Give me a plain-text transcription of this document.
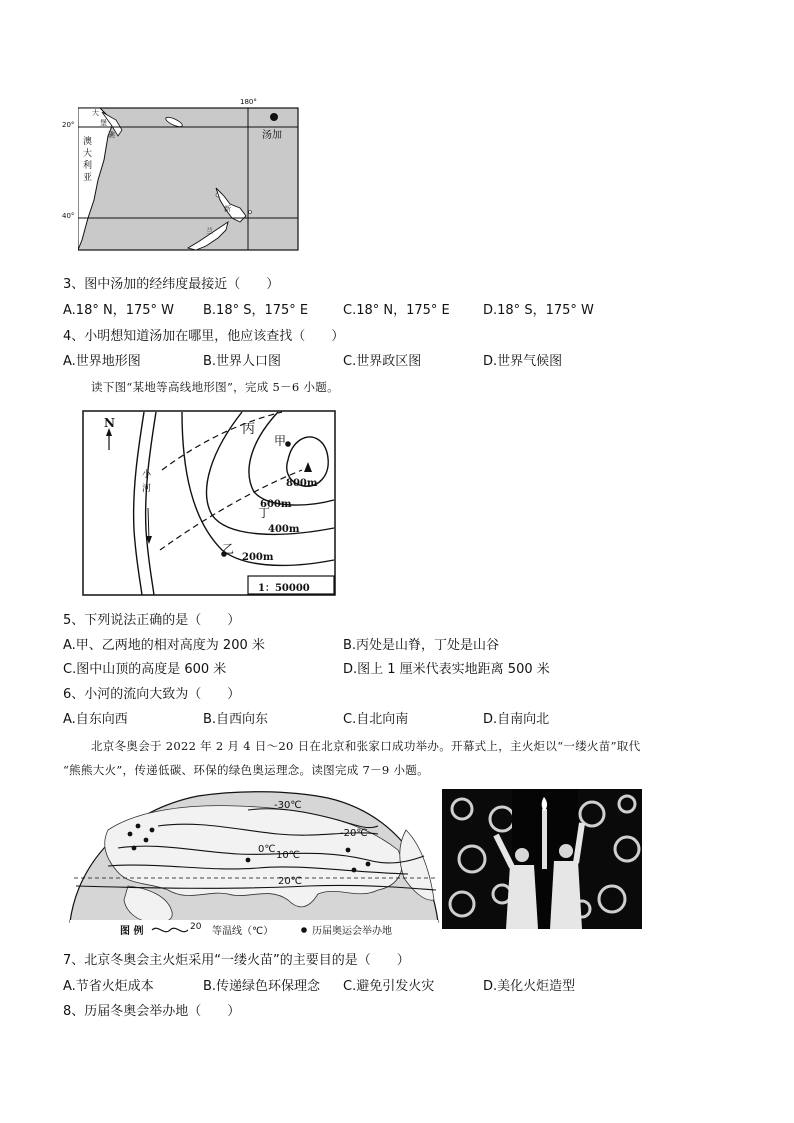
180°
20°
40°
汤加
澳
大
利
亚
大
堡
礁
新
兰
3、图中汤加的经纬度最接近（　　）
A.18° N，175° W B.18° S，175° E	C.18° N，175° E	D.18° S，175° W
4、小明想知道汤加在哪里，他应该查找（　　）
A.世界地形图	B.世界人口图	C.世界政区图	D.世界气候图
读下图“某地等高线地形图”，完成 5－6 小题。
N
小
河
丙
甲
丁
乙
800m
600m
400m
200m
1：50000
5、下列说法正确的是（　　）
A.甲、乙两地的相对高度为 200 米	B.丙处是山脊，丁处是山谷
C.图中山顶的高度是 600 米	D.图上 1 厘米代表实地距离 500 米
6、小河的流向大致为（　　）
A.自东向西	B.自西向东	C.自北向南	D.自南向北
北京冬奥会于 2022 年 2 月 4 日～20 日在北京和张家口成功举办。开幕式上，主火炬以“一缕火苗”取代
“熊熊大火”，传递低碳、环保的绿色奥运理念。读图完成 7－9 小题。
-30℃
-20℃
0℃
10℃
20℃
图 例	20 等温线（℃）	历届奥运会举办地
7、北京冬奥会主火炬采用“一缕火苗”的主要目的是（　　）
A.节省火炬成本	B.传递绿色环保理念 C.避免引发火灾	D.美化火炬造型
8、历届冬奥会举办地（　　）
